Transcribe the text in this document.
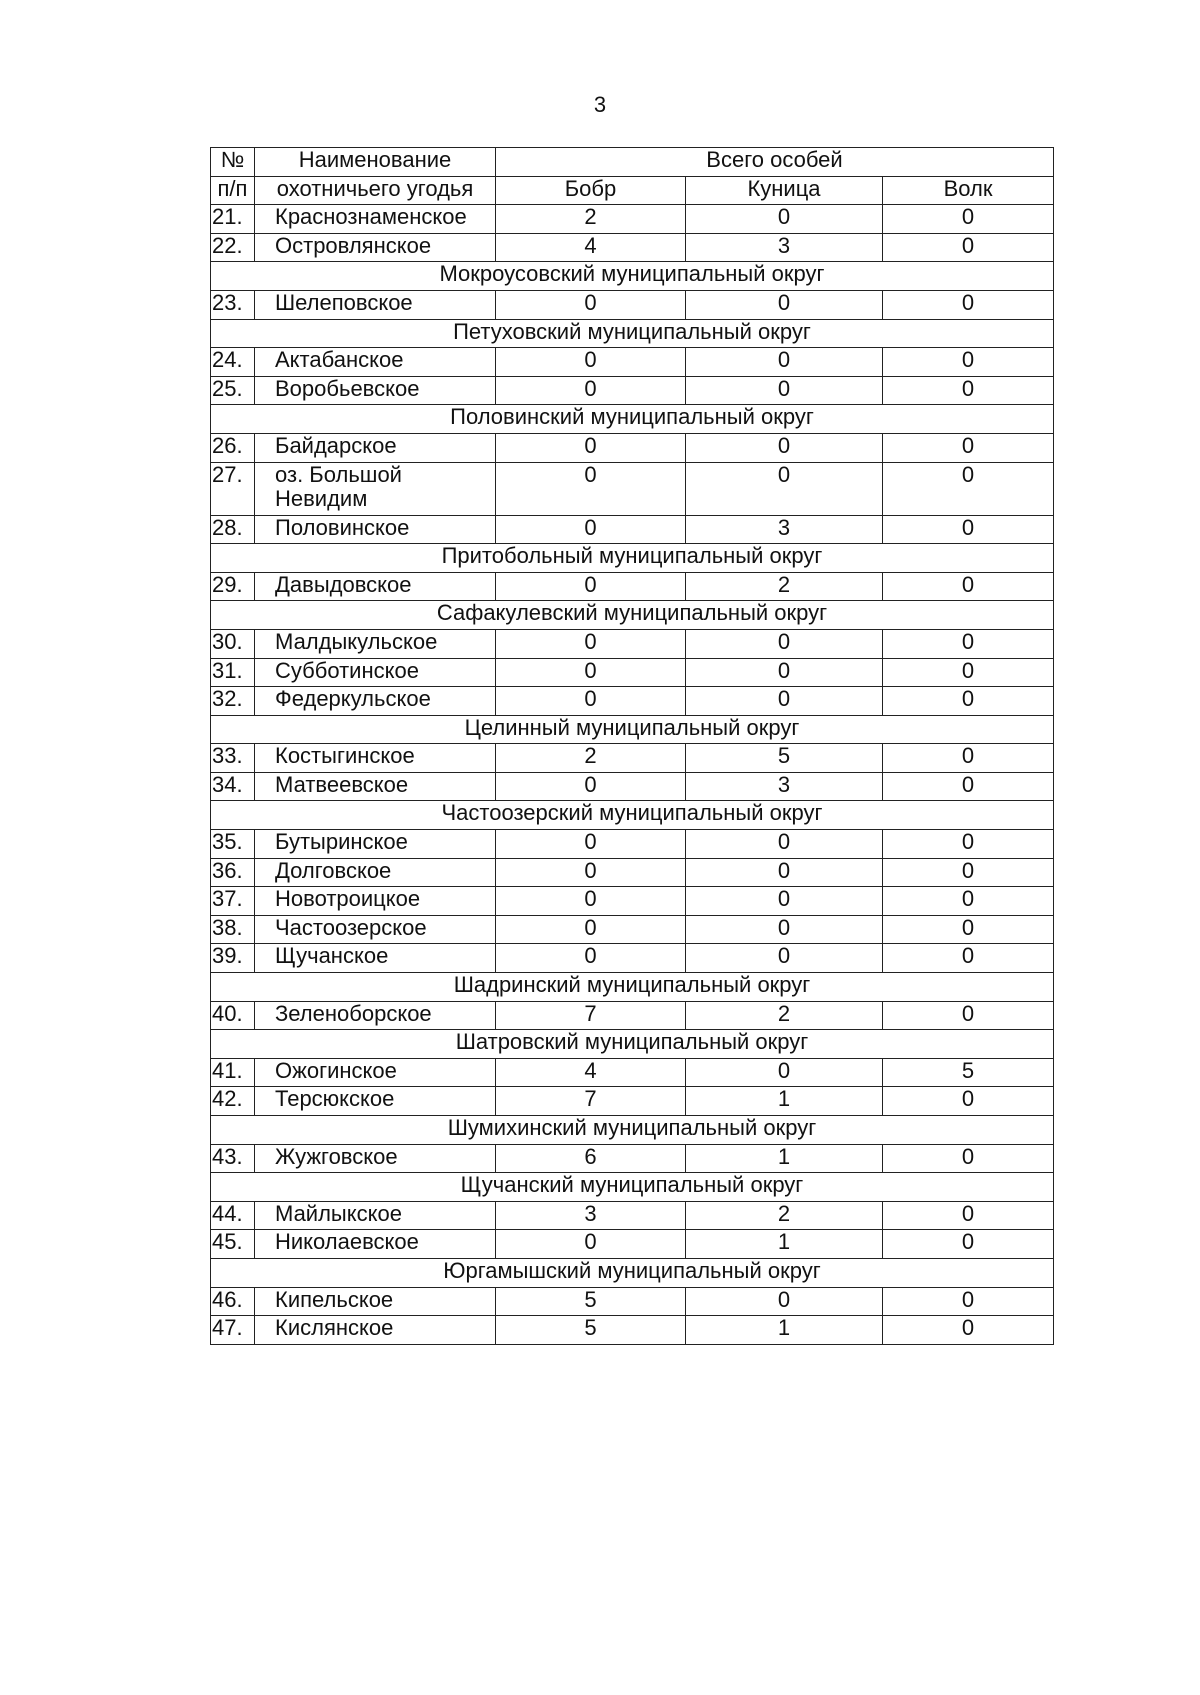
3
№	Наименование	Всего особей		
п/п	охотничьего угодья	Бобр	Куница	Волк
21.	Краснознаменское	2	0	0
22.	Островлянское	4	3	0
Мокроусовский муниципальный округ				
23.	Шелеповское	0	0	0
Петуховский муниципальный округ				
24.	Актабанское	0	0	0
25.	Воробьевское	0	0	0
Половинский муниципальный округ				
26.	Байдарское	0	0	0
27.	оз. Большой Невидим	0	0	0
28.	Половинское	0	3	0
Притобольный муниципальный округ				
29.	Давыдовское	0	2	0
Сафакулевский муниципальный округ				
30.	Малдыкульское	0	0	0
31.	Субботинское	0	0	0
32.	Федеркульское	0	0	0
Целинный муниципальный округ				
33.	Костыгинское	2	5	0
34.	Матвеевское	0	3	0
Частоозерский муниципальный округ				
35.	Бутыринское	0	0	0
36.	Долговское	0	0	0
37.	Новотроицкое	0	0	0
38.	Частоозерское	0	0	0
39.	Щучанское	0	0	0
Шадринский муниципальный округ				
40.	Зеленоборское	7	2	0
Шатровский муниципальный округ				
41.	Ожогинское	4	0	5
42.	Терсюкское	7	1	0
Шумихинский муниципальный округ				
43.	Жужговское	6	1	0
Щучанский муниципальный округ				
44.	Майлыкское	3	2	0
45.	Николаевское	0	1	0
Юргамышский муниципальный округ				
46.	Кипельское	5	0	0
47.	Кислянское	5	1	0
